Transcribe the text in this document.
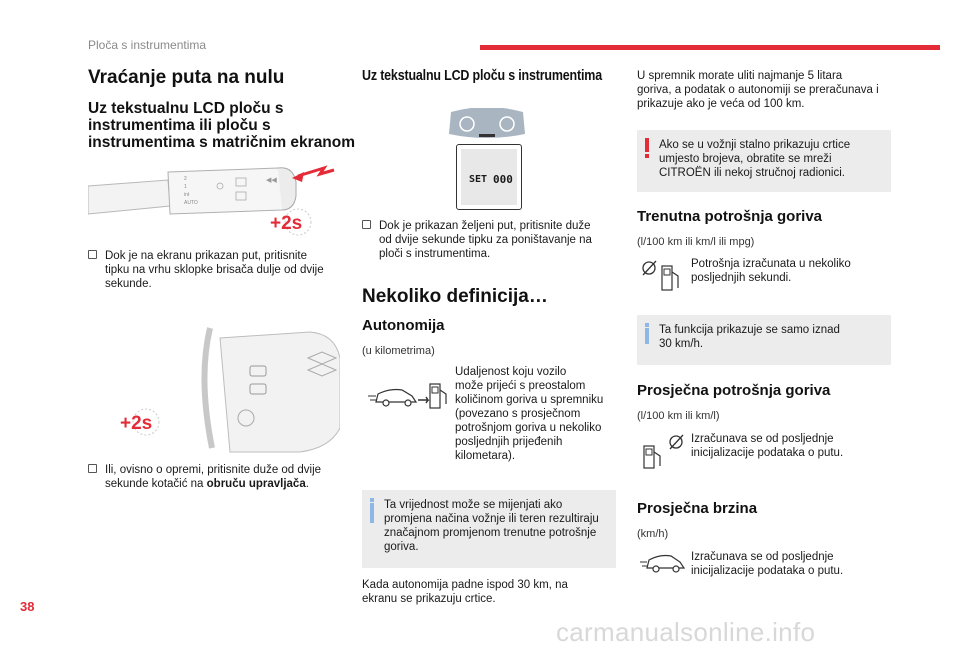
Ploča s instrumentima
Vraćanje puta na nulu
Uz tekstualnu LCD ploču s
instrumentima ili ploču s
instrumentima s matričnim ekranom
2
1
int
AUTO
◀◀
+2s
Dok je na ekranu prikazan put, pritisnite
tipku na vrhu sklopke brisača dulje od dvije
sekunde.
+2s
Ili, ovisno o opremi, pritisnite duže od dvije
sekunde kotačić na obruču upravljača.
Uz tekstualnu LCD ploču s instrumentima
SET 000
Dok je prikazan željeni put, pritisnite duže
od dvije sekunde tipku za poništavanje na
ploči s instrumentima.
Nekoliko definicija…
Autonomija
(u kilometrima)
Udaljenost koju vozilo
može prijeći s preostalom
količinom goriva u spremniku
(povezano s prosječnom
potrošnjom goriva u nekoliko
posljednjih prijeđenih
kilometara).
Ta vrijednost može se mijenjati ako
promjena načina vožnje ili teren rezultiraju
značajnom promjenom trenutne potrošnje
goriva.
Kada autonomija padne ispod 30 km, na
ekranu se prikazuju crtice.
U spremnik morate uliti najmanje 5 litara
goriva, a podatak o autonomiji se preračunava i
prikazuje ako je veća od 100 km.
Ako se u vožnji stalno prikazuju crtice
umjesto brojeva, obratite se mreži
CITROËN ili nekoj stručnoj radionici.
Trenutna potrošnja goriva
(l/100 km ili km/l ili mpg)
Potrošnja izračunata u nekoliko
posljednjih sekundi.
Ta funkcija prikazuje se samo iznad
30 km/h.
Prosječna potrošnja goriva
(l/100 km ili km/l)
Izračunava se od posljednje
inicijalizacije podataka o putu.
Prosječna brzina
(km/h)
Izračunava se od posljednje
inicijalizacije podataka o putu.
38
carmanualsonline.info
